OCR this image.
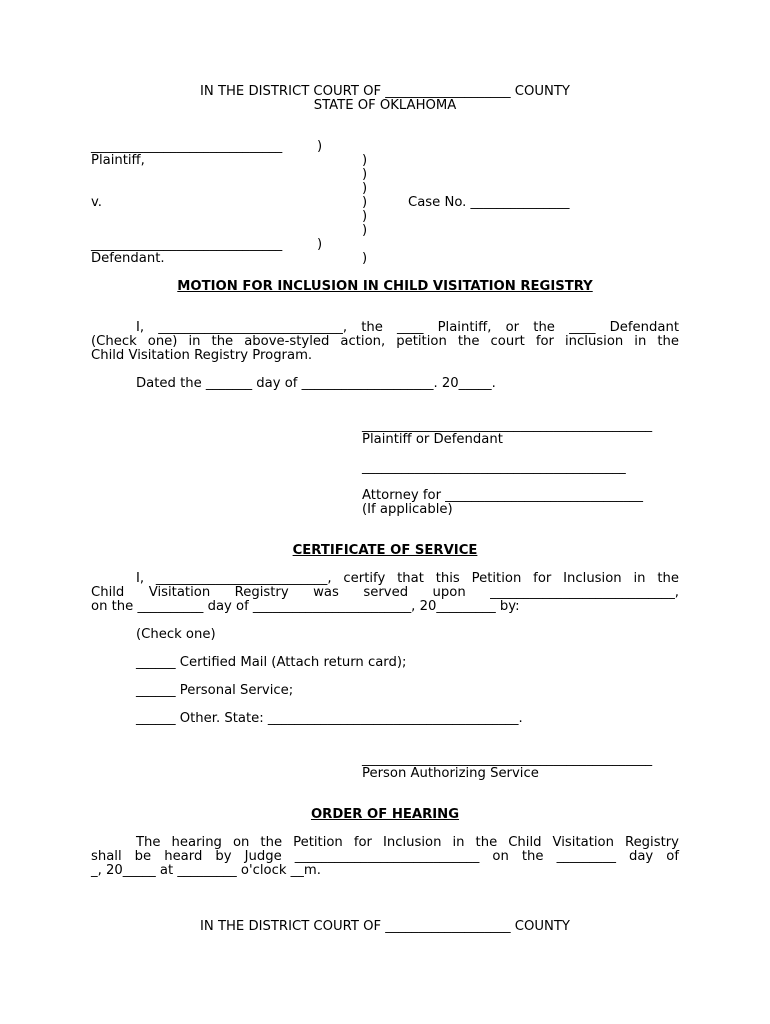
IN THE DISTRICT COURT OF ___________________ COUNTY
STATE OF OKLAHOMA
_____________________________	)
Plaintiff,	)
)
)
v.	)	Case No. _______________
)
)
_____________________________	)
Defendant.	)
MOTION FOR INCLUSION IN CHILD VISITATION REGISTRY
I, ____________________________, the ____ Plaintiff, or the ____ Defendant
(Check one) in the above-styled action, petition the court for inclusion in the
Child Visitation Registry Program.
Dated the _______ day of ____________________. 20_____.
____________________________________________
Plaintiff or Defendant
________________________________________
Attorney for ______________________________
(If applicable)
CERTIFICATE OF SERVICE
I, __________________________, certify that this Petition for Inclusion in the
Child Visitation Registry was served upon ____________________________,
on the __________ day of ________________________, 20_________ by:
(Check one)
______ Certified Mail (Attach return card);
______ Personal Service;
______ Other. State: ______________________________________.
____________________________________________
Person Authorizing Service
ORDER OF HEARING
The hearing on the Petition for Inclusion in the Child Visitation Registry
shall be heard by Judge ____________________________ on the _________ day of
_, 20_____ at _________ o'clock __m.
IN THE DISTRICT COURT OF ___________________ COUNTY
